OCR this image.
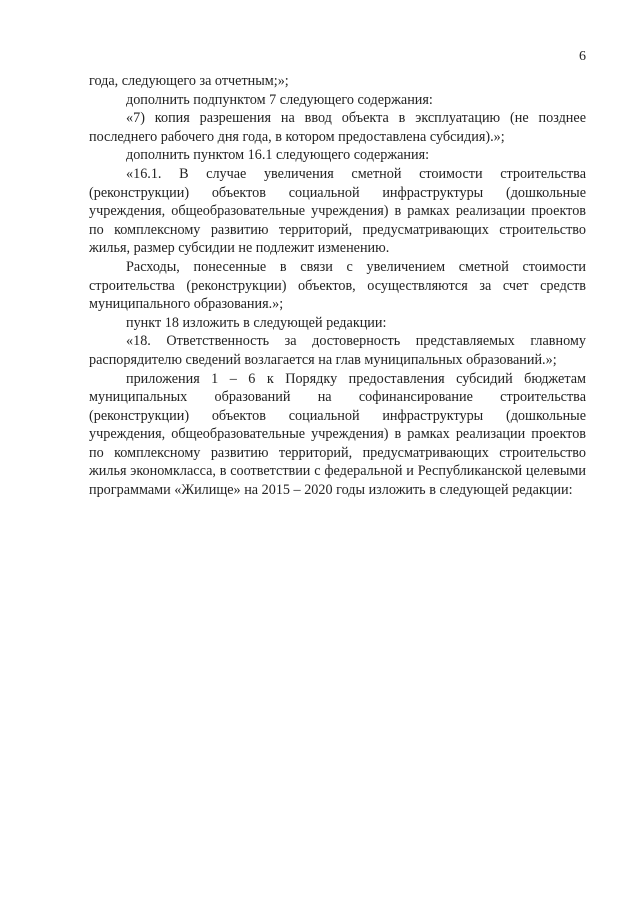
6

года, следующего за отчетным;»;

дополнить подпунктом 7 следующего содержания:

«7) копия разрешения на ввод объекта в эксплуатацию (не позднее последнего рабочего дня года, в котором предоставлена субсидия).»;

дополнить пунктом 16.1 следующего содержания:

«16.1. В случае увеличения сметной стоимости строительства (реконструкции) объектов социальной инфраструктуры (дошкольные учреждения, общеобразовательные учреждения) в рамках реализации проектов по комплексному развитию территорий, предусматривающих строительство жилья, размер субсидии не подлежит изменению.

Расходы, понесенные в связи с увеличением сметной стоимости строительства (реконструкции) объектов, осуществляются за счет средств муниципального образования.»;

пункт 18 изложить в следующей редакции:

«18. Ответственность за достоверность представляемых главному распорядителю сведений возлагается на глав муниципальных образований.»;

приложения 1 – 6 к Порядку предоставления субсидий бюджетам муниципальных образований на софинансирование строительства (реконструкции) объектов социальной инфраструктуры (дошкольные учреждения, общеобразовательные учреждения) в рамках реализации проектов по комплексному развитию территорий, предусматривающих строительство жилья экономкласса, в соответствии с федеральной и Республиканской целевыми программами «Жилище» на 2015 – 2020 годы изложить в следующей редакции:
